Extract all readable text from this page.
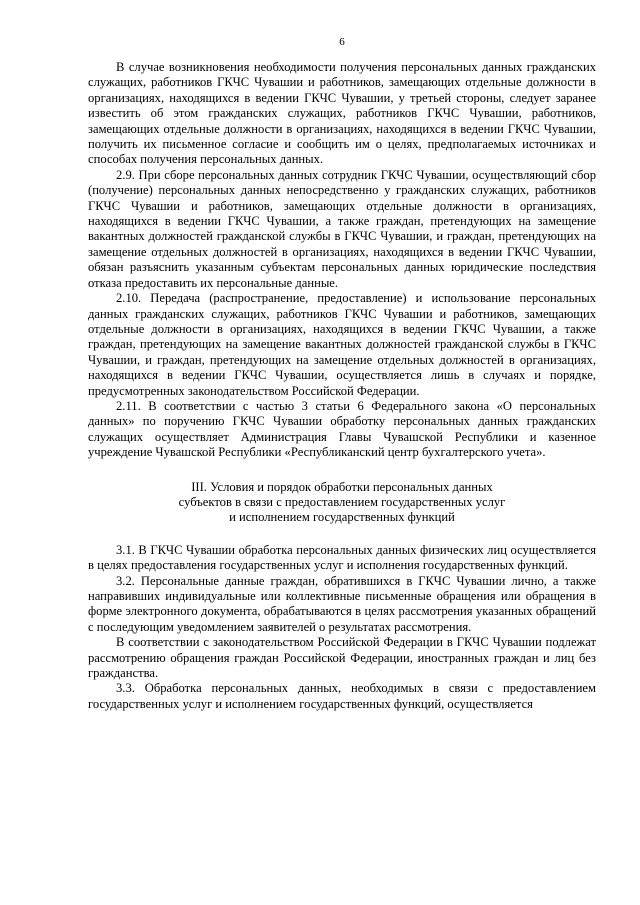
6

В случае возникновения необходимости получения персональных данных гражданских служащих, работников ГКЧС Чувашии и работников, замещающих отдельные должности в организациях, находящихся в ведении ГКЧС Чувашии, у третьей стороны, следует заранее известить об этом гражданских служащих, работников ГКЧС Чувашии, работников, замещающих отдельные должности в организациях, находящихся в ведении ГКЧС Чувашии, получить их письменное согласие и сообщить им о целях, предполагаемых источниках и способах получения персональных данных.

2.9. При сборе персональных данных сотрудник ГКЧС Чувашии, осуществляющий сбор (получение) персональных данных непосредственно у гражданских служащих, работников ГКЧС Чувашии и работников, замещающих отдельные должности в организациях, находящихся в ведении ГКЧС Чувашии, а также граждан, претендующих на замещение вакантных должностей гражданской службы в ГКЧС Чувашии, и граждан, претендующих на замещение отдельных должностей в организациях, находящихся в ведении ГКЧС Чувашии, обязан разъяснить указанным субъектам персональных данных юридические последствия отказа предоставить их персональные данные.

2.10. Передача (распространение, предоставление) и использование персональных данных гражданских служащих, работников ГКЧС Чувашии и работников, замещающих отдельные должности в организациях, находящихся в ведении ГКЧС Чувашии, а также граждан, претендующих на замещение вакантных должностей гражданской службы в ГКЧС Чувашии, и граждан, претендующих на замещение отдельных должностей в организациях, находящихся в ведении ГКЧС Чувашии, осуществляется лишь в случаях и порядке, предусмотренных законодательством Российской Федерации.

2.11. В соответствии с частью 3 статьи 6 Федерального закона «О персональных данных» по поручению ГКЧС Чувашии обработку персональных данных гражданских служащих осуществляет Администрация Главы Чувашской Республики и казенное учреждение Чувашской Республики «Республиканский центр бухгалтерского учета».

III. Условия и порядок обработки персональных данных
субъектов в связи с предоставлением государственных услуг
и исполнением государственных функций

3.1. В ГКЧС Чувашии обработка персональных данных физических лиц осуществляется в целях предоставления государственных услуг и исполнения государственных функций.

3.2. Персональные данные граждан, обратившихся в ГКЧС Чувашии лично, а также направивших индивидуальные или коллективные письменные обращения или обращения в форме электронного документа, обрабатываются в целях рассмотрения указанных обращений с последующим уведомлением заявителей о результатах рассмотрения.

В соответствии с законодательством Российской Федерации в ГКЧС Чувашии подлежат рассмотрению обращения граждан Российской Федерации, иностранных граждан и лиц без гражданства.

3.3. Обработка персональных данных, необходимых в связи с предоставлением государственных услуг и исполнением государственных функций, осуществляется
